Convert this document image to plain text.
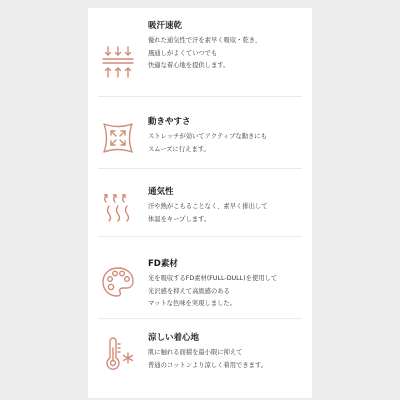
吸汗速乾

優れた通気性で汗を素早く吸収・乾き、

風通しがよくていつでも

快適な着心地を提供します。

動きやすさ

ストレッチが効いてアクティブな動きにも

スムーズに行えます。

通気性

汗や熱がこもることなく、素早く排出して

体温をキープします。

FD素材

光を吸収するFD素材(FULL-DULL)を使用して

光沢感を抑えて高級感のある

マットな色味を実現しました。

涼しい着心地

肌に触れる面積を最小限に抑えて

普通のコットンより涼しく着用できます。
